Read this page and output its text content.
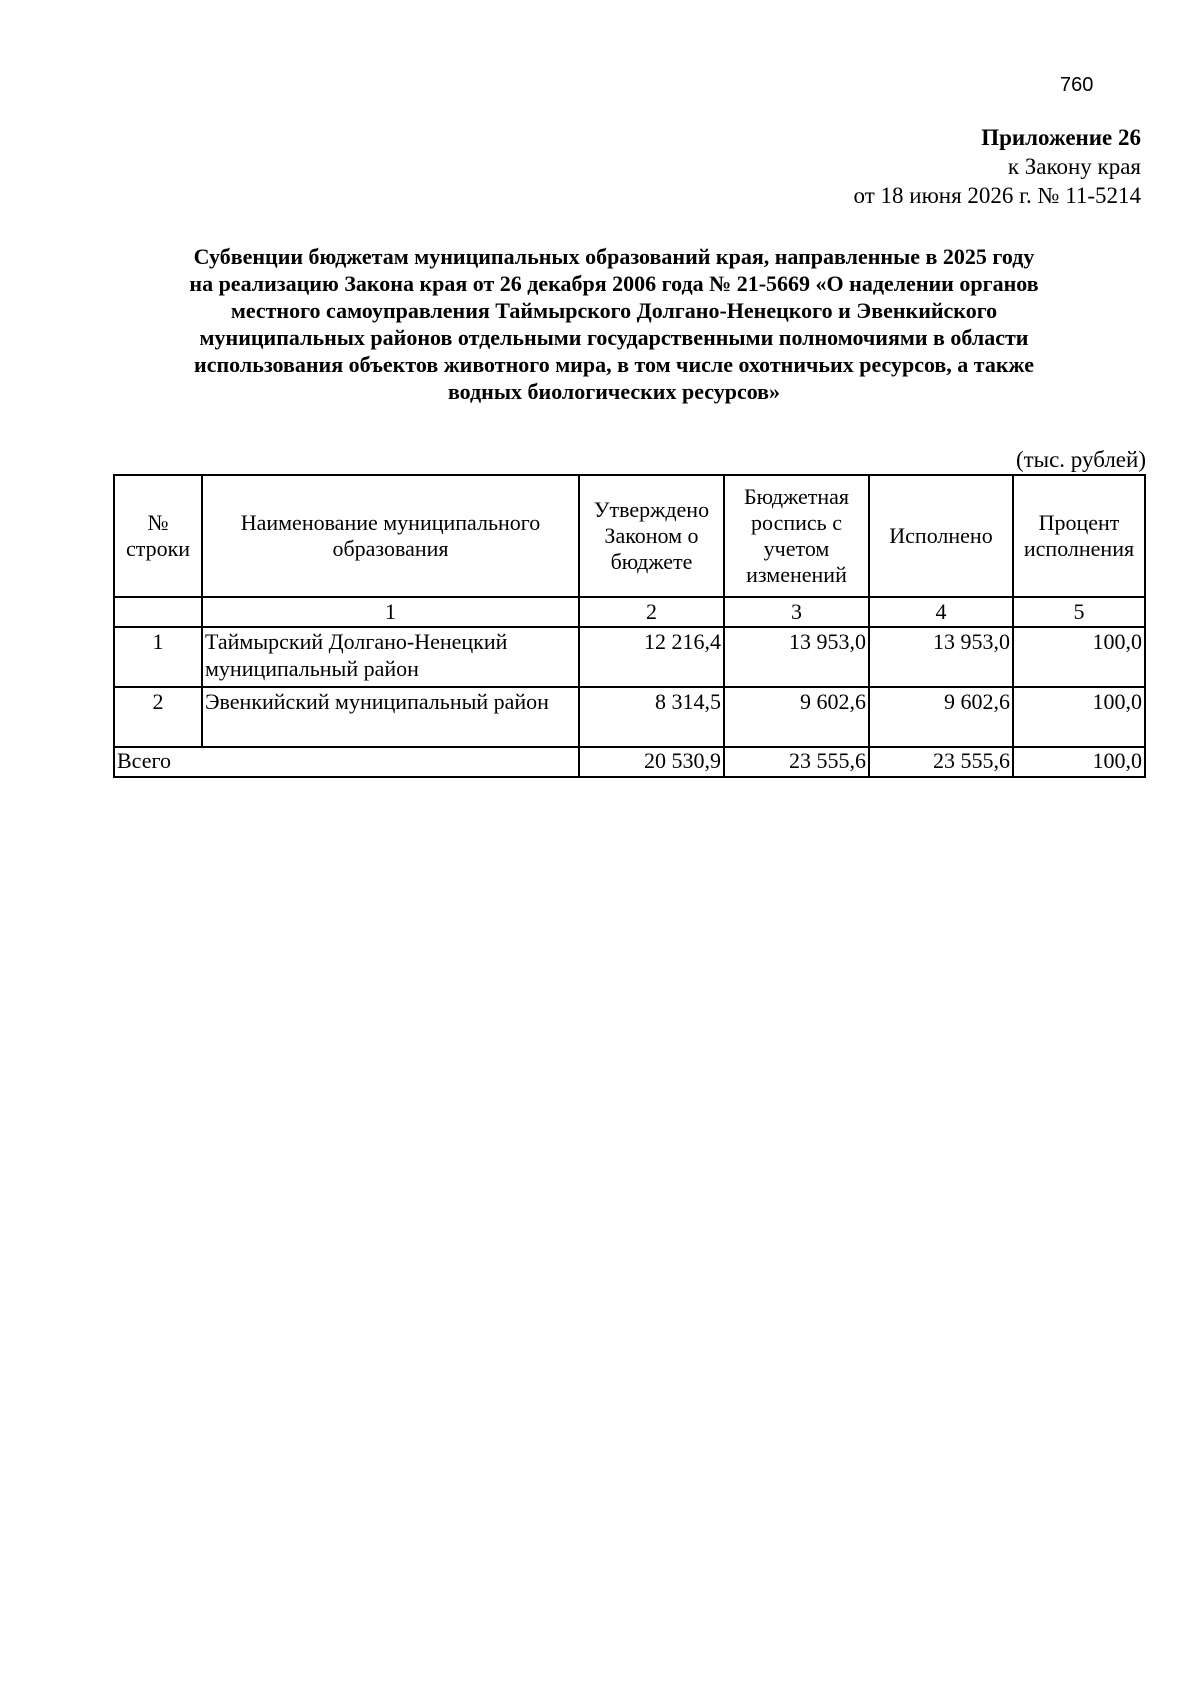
760
Приложение 26
к Закону края
от 18 июня 2026 г. № 11-5214
Субвенции бюджетам муниципальных образований края, направленные в 2025 году
на реализацию Закона края от 26 декабря 2006 года № 21-5669 «О наделении органов
местного самоуправления Таймырского Долгано-Ненецкого и Эвенкийского
муниципальных районов отдельными государственными полномочиями в области
использования объектов животного мира, в том числе охотничьих ресурсов, а также
водных биологических ресурсов»
(тыс. рублей)
№ строки	Наименование муниципального образования	Утверждено Законом о бюджете	Бюджетная роспись с учетом изменений	Исполнено	Процент исполнения
	1	2	3	4	5
1	Таймырский Долгано-Ненецкий муниципальный район	12 216,4	13 953,0	13 953,0	100,0
2	Эвенкийский муниципальный район	8 314,5	9 602,6	9 602,6	100,0
Всего		20 530,9	23 555,6	23 555,6	100,0
